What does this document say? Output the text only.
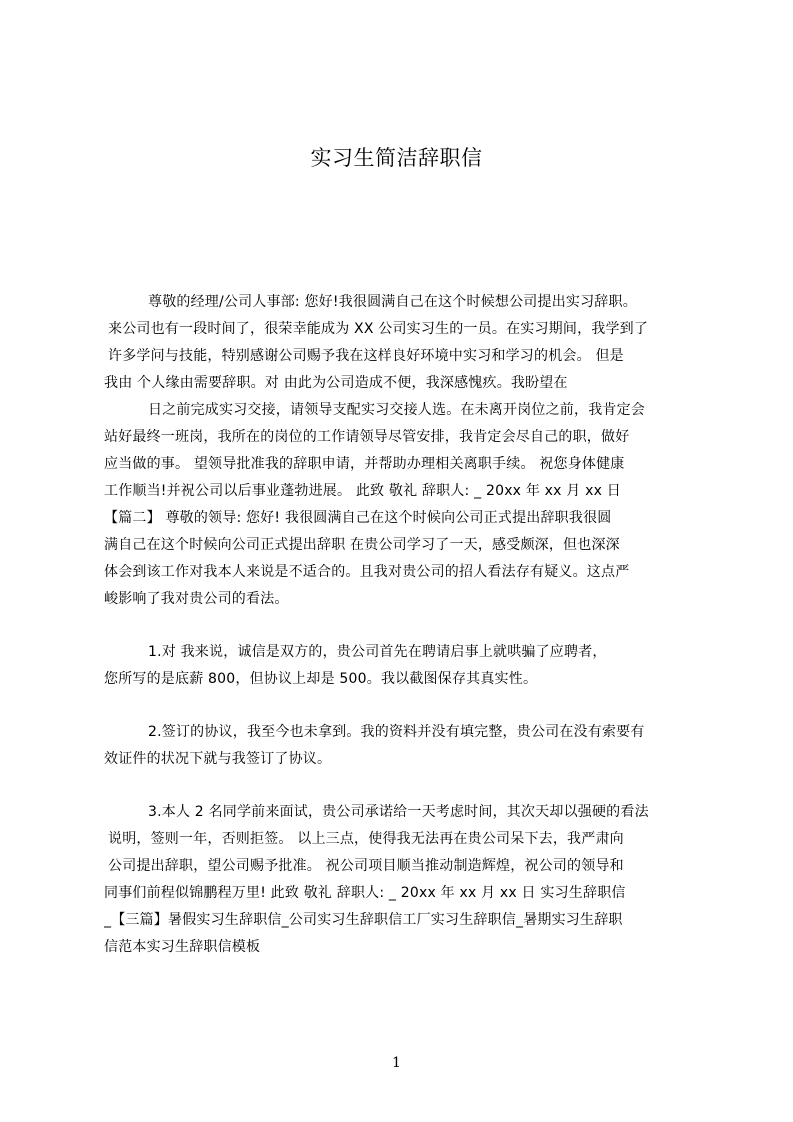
实习生简洁辞职信
尊敬的经理/公司人事部: 您好!我很圆满自己在这个时候想公司提出实习辞职。
来公司也有一段时间了，很荣幸能成为 XX 公司实习生的一员。在实习期间，我学到了
许多学问与技能，特别感谢公司赐予我在这样良好环境中实习和学习的机会。 但是
我由 个人缘由需要辞职。对 由此为公司造成不便，我深感愧疚。我盼望在
日之前完成实习交接，请领导支配实习交接人选。在未离开岗位之前，我肯定会
站好最终一班岗，我所在的岗位的工作请领导尽管安排，我肯定会尽自己的职，做好
应当做的事。 望领导批准我的辞职申请，并帮助办理相关离职手续。 祝您身体健康
工作顺当!并祝公司以后事业蓬勃进展。 此致 敬礼 辞职人: _ 20xx 年 xx 月 xx 日
【篇二】 尊敬的领导: 您好! 我很圆满自己在这个时候向公司正式提出辞职我很圆
满自己在这个时候向公司正式提出辞职 在贵公司学习了一天，感受颇深，但也深深
体会到该工作对我本人来说是不适合的。且我对贵公司的招人看法存有疑义。这点严
峻影响了我对贵公司的看法。
1.对 我来说，诚信是双方的，贵公司首先在聘请启事上就哄骗了应聘者，
您所写的是底薪 800，但协议上却是 500。我以截图保存其真实性。
2.签订的协议，我至今也未拿到。我的资料并没有填完整，贵公司在没有索要有
效证件的状况下就与我签订了协议。
3.本人 2 名同学前来面试，贵公司承诺给一天考虑时间，其次天却以强硬的看法
说明，签则一年，否则拒签。 以上三点，使得我无法再在贵公司呆下去，我严肃向
公司提出辞职，望公司赐予批准。 祝公司项目顺当推动制造辉煌，祝公司的领导和
同事们前程似锦鹏程万里! 此致 敬礼 辞职人: _ 20xx 年 xx 月 xx 日 实习生辞职信
_【三篇】暑假实习生辞职信_公司实习生辞职信工厂实习生辞职信_暑期实习生辞职
信范本实习生辞职信模板
1
